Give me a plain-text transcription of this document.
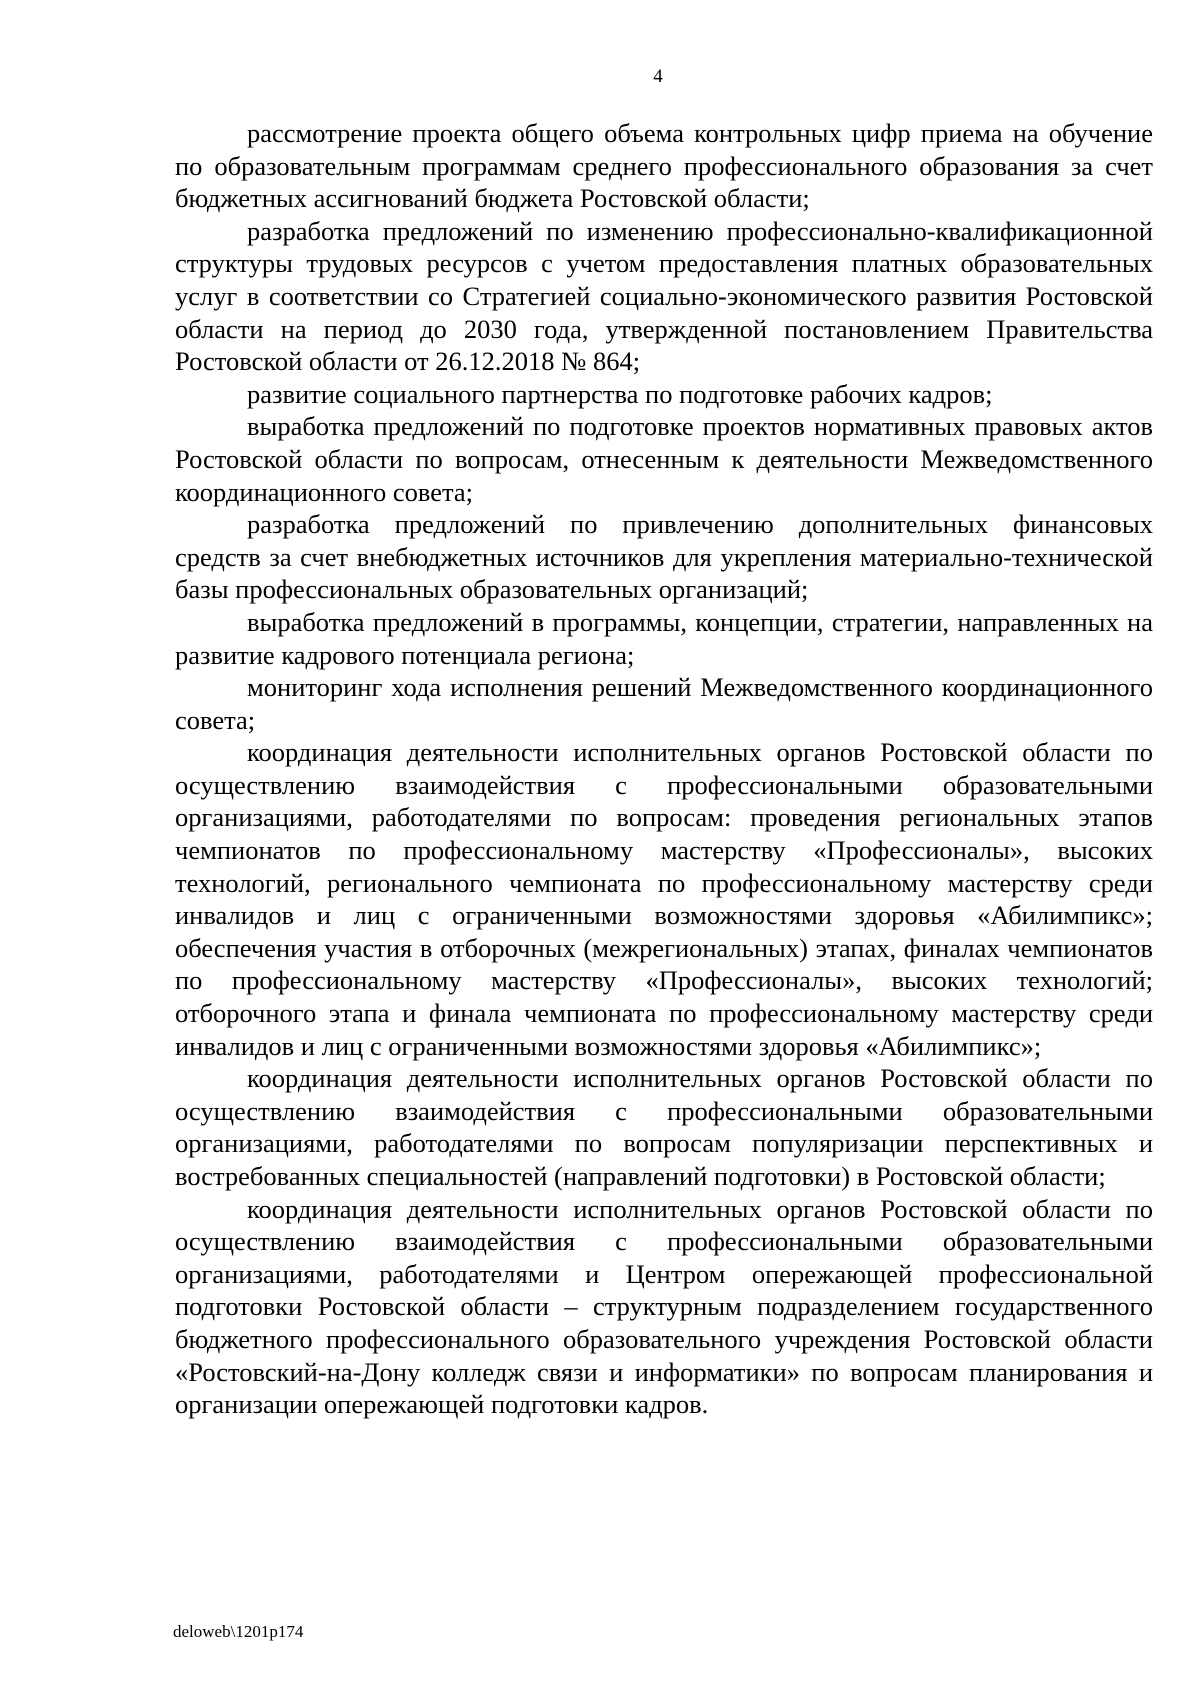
4

рассмотрение проекта общего объема контрольных цифр приема на обучение по образовательным программам среднего профессионального образования за счет бюджетных ассигнований бюджета Ростовской области;

разработка предложений по изменению профессионально-квалификационной структуры трудовых ресурсов с учетом предоставления платных образовательных услуг в соответствии со Стратегией социально-экономического развития Ростовской области на период до 2030 года, утвержденной постановлением Правительства Ростовской области от 26.12.2018 № 864;

развитие социального партнерства по подготовке рабочих кадров;

выработка предложений по подготовке проектов нормативных правовых актов Ростовской области по вопросам, отнесенным к деятельности Межведомственного координационного совета;

разработка предложений по привлечению дополнительных финансовых средств за счет внебюджетных источников для укрепления материально-технической базы профессиональных образовательных организаций;

выработка предложений в программы, концепции, стратегии, направленных на развитие кадрового потенциала региона;

мониторинг хода исполнения решений Межведомственного координационного совета;

координация деятельности исполнительных органов Ростовской области по осуществлению взаимодействия с профессиональными образовательными организациями, работодателями по вопросам: проведения региональных этапов чемпионатов по профессиональному мастерству «Профессионалы», высоких технологий, регионального чемпионата по профессиональному мастерству среди инвалидов и лиц с ограниченными возможностями здоровья «Абилимпикс»; обеспечения участия в отборочных (межрегиональных) этапах, финалах чемпионатов по профессиональному мастерству «Профессионалы», высоких технологий; отборочного этапа и финала чемпионата по профессиональному мастерству среди инвалидов и лиц с ограниченными возможностями здоровья «Абилимпикс»;

координация деятельности исполнительных органов Ростовской области по осуществлению взаимодействия с профессиональными образовательными организациями, работодателями по вопросам популяризации перспективных и востребованных специальностей (направлений подготовки) в Ростовской области;

координация деятельности исполнительных органов Ростовской области по осуществлению взаимодействия с профессиональными образовательными организациями, работодателями и Центром опережающей профессиональной подготовки Ростовской области – структурным подразделением государственного бюджетного профессионального образовательного учреждения Ростовской области «Ростовский-на-Дону колледж связи и информатики» по вопросам планирования и организации опережающей подготовки кадров.

deloweb\1201p174
